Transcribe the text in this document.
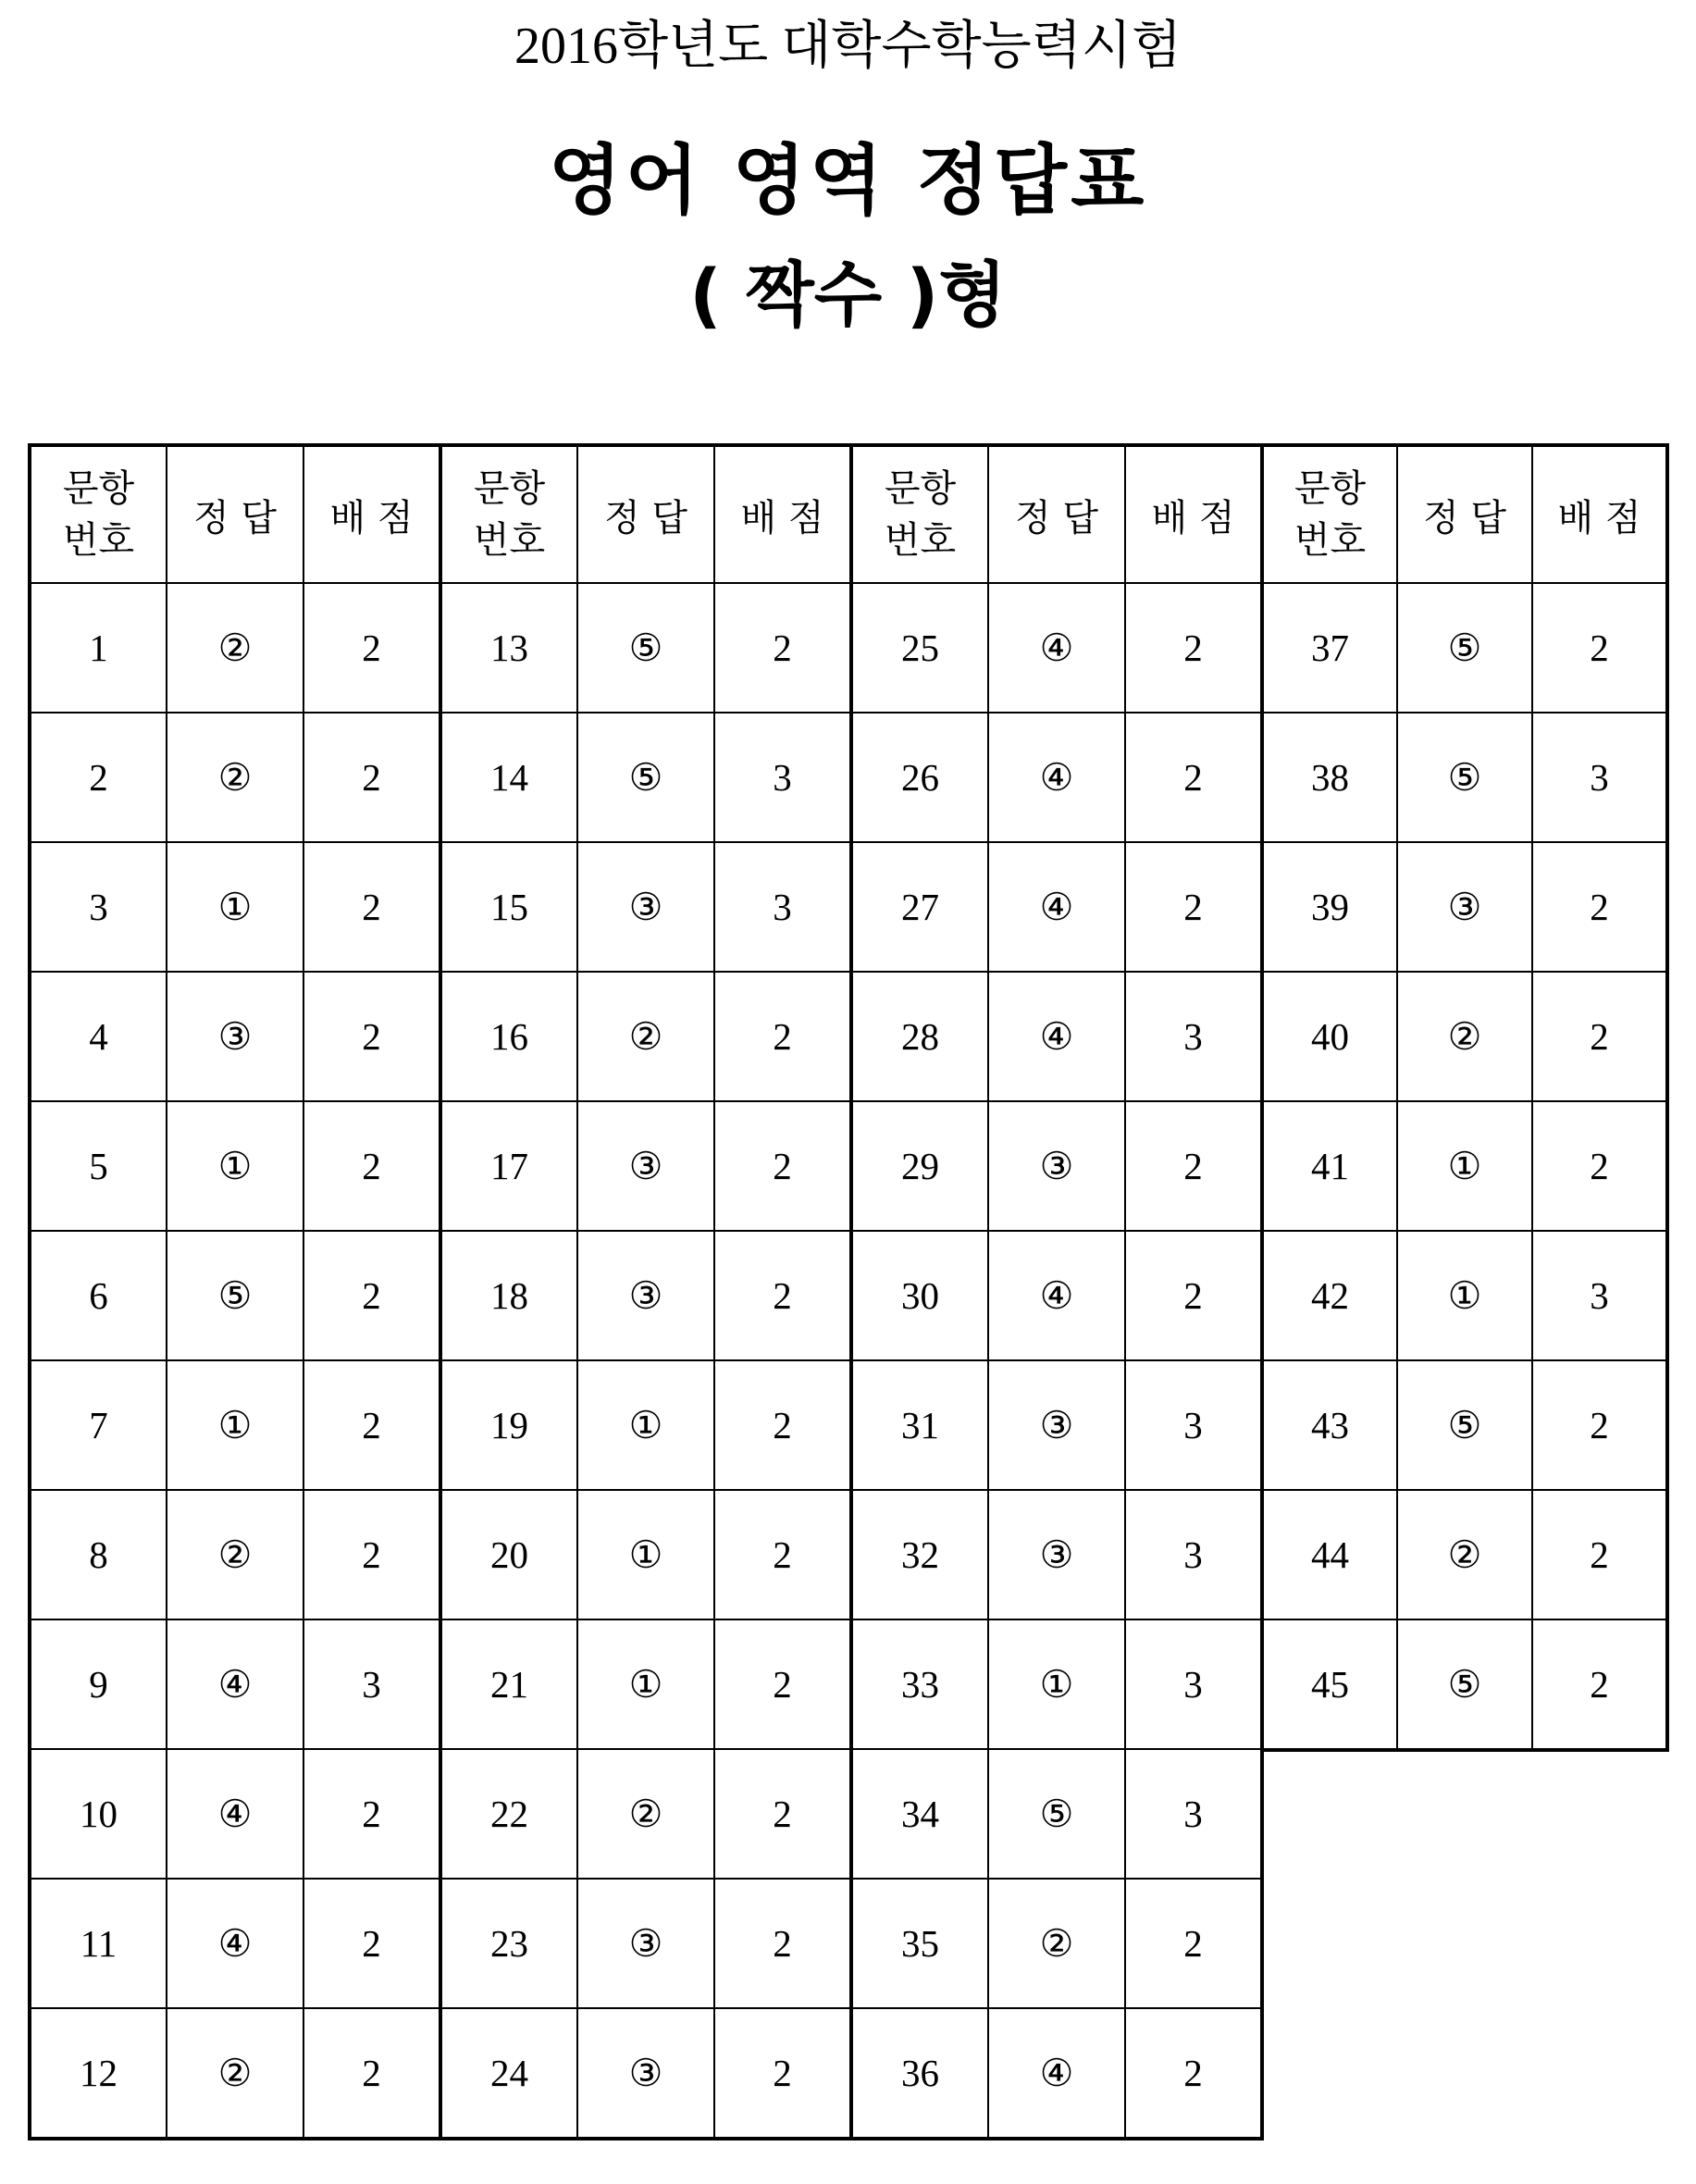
2016학년도 대학수학능력시험
영어 영역 정답표
( 짝수 )형
문항
번호	정 답	배 점
1	②	2
2	②	2
3	①	2
4	③	2
5	①	2
6	⑤	2
7	①	2
8	②	2
9	④	3
10	④	2
11	④	2
12	②	2
문항
번호	정 답	배 점
13	⑤	2
14	⑤	3
15	③	3
16	②	2
17	③	2
18	③	2
19	①	2
20	①	2
21	①	2
22	②	2
23	③	2
24	③	2
문항
번호	정 답	배 점
25	④	2
26	④	2
27	④	2
28	④	3
29	③	2
30	④	2
31	③	3
32	③	3
33	①	3
34	⑤	3
35	②	2
36	④	2
문항
번호	정 답	배 점
37	⑤	2
38	⑤	3
39	③	2
40	②	2
41	①	2
42	①	3
43	⑤	2
44	②	2
45	⑤	2
